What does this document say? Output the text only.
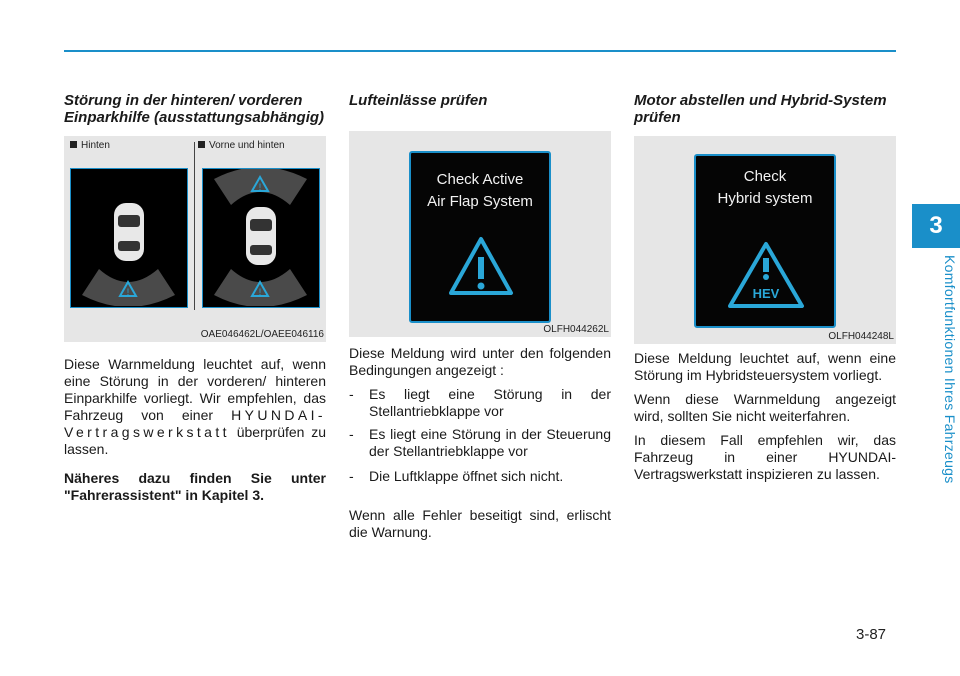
3
Komfortfunktionen Ihres Fahrzeugs
Störung in der hinteren/ vorderen Einparkhilfe (ausstattungsabhängig)
Hinten	Vorne und hinten
!
!
!
OAE046462L/OAEE046116

Diese Warnmeldung leuchtet auf, wenn eine Störung in der vorderen/ hinteren Einparkhilfe vorliegt. Wir empfehlen, das Fahrzeug von einer HYUNDAI-Vertragswerkstatt überprüfen zu lassen.

Näheres dazu finden Sie unter "Fahrerassistent" in Kapitel 3.

Lufteinlässe prüfen
Check Active
Air Flap System
OLFH044262L

Diese Meldung wird unter den folgenden Bedingungen angezeigt :

- Es liegt eine Störung in der Stellantriebklappe vor
- Es liegt eine Störung in der Steuerung der Stellantriebklappe vor
- Die Luftklappe öffnet sich nicht.

Wenn alle Fehler beseitigt sind, erlischt die Warnung.

Motor abstellen und Hybrid-System prüfen
Check
Hybrid system
HEV
OLFH044248L

Diese Meldung leuchtet auf, wenn eine Störung im Hybridsteuersystem vorliegt.

Wenn diese Warnmeldung angezeigt wird, sollten Sie nicht weiterfahren.

In diesem Fall empfehlen wir, das Fahrzeug in einer HYUNDAI-Vertragswerkstatt inspizieren zu lassen.

3-87
